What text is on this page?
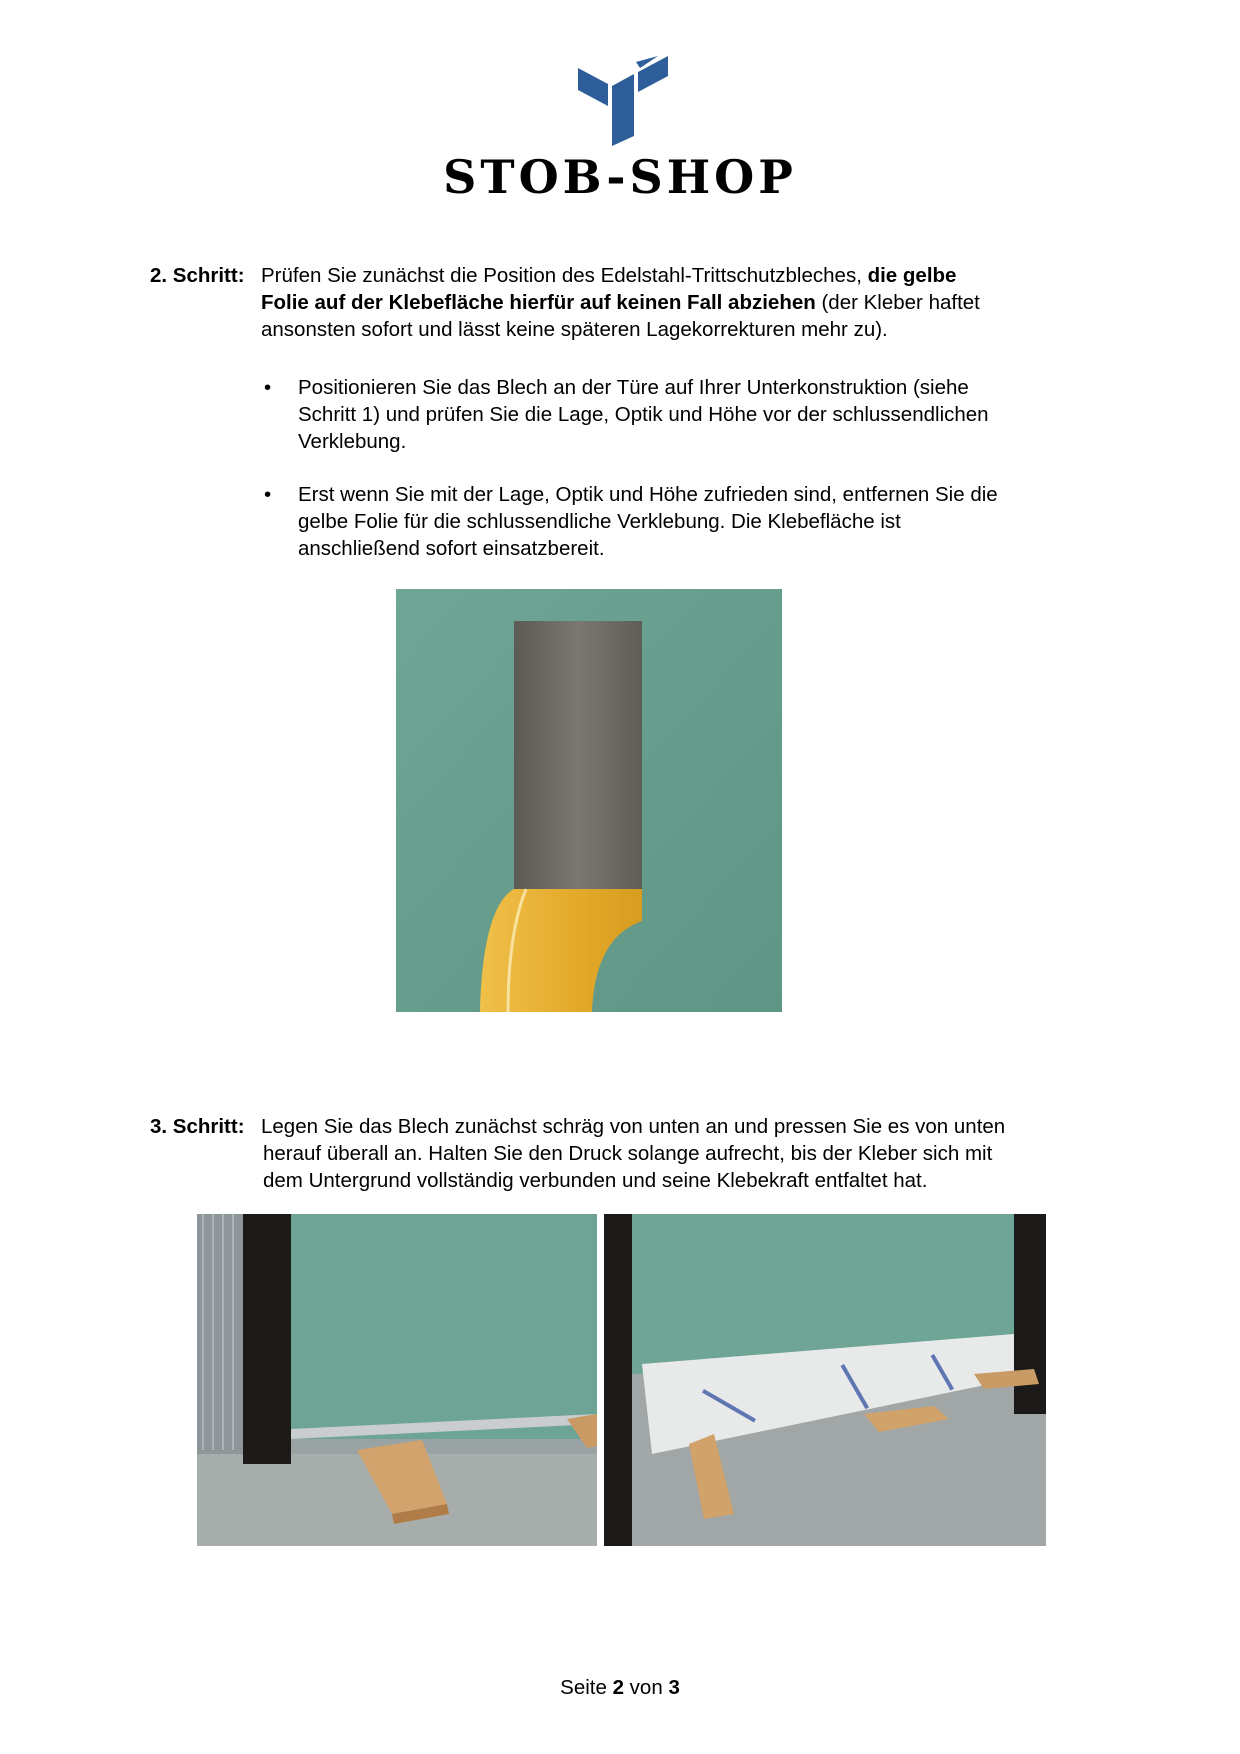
STOB-SHOP
2. Schritt: Prüfen Sie zunächst die Position des Edelstahl-Trittschutzbleches, die gelbe
Folie auf der Klebefläche hierfür auf keinen Fall abziehen (der Kleber haftet
ansonsten sofort und lässt keine späteren Lagekorrekturen mehr zu).
• Positionieren Sie das Blech an der Türe auf Ihrer Unterkonstruktion (siehe
Schritt 1) und prüfen Sie die Lage, Optik und Höhe vor der schlussendlichen
Verklebung.
• Erst wenn Sie mit der Lage, Optik und Höhe zufrieden sind, entfernen Sie die
gelbe Folie für die schlussendliche Verklebung. Die Klebefläche ist
anschließend sofort einsatzbereit.
3. Schritt: Legen Sie das Blech zunächst schräg von unten an und pressen Sie es von unten
herauf überall an. Halten Sie den Druck solange aufrecht, bis der Kleber sich mit
dem Untergrund vollständig verbunden und seine Klebekraft entfaltet hat.
Seite 2 von 3
